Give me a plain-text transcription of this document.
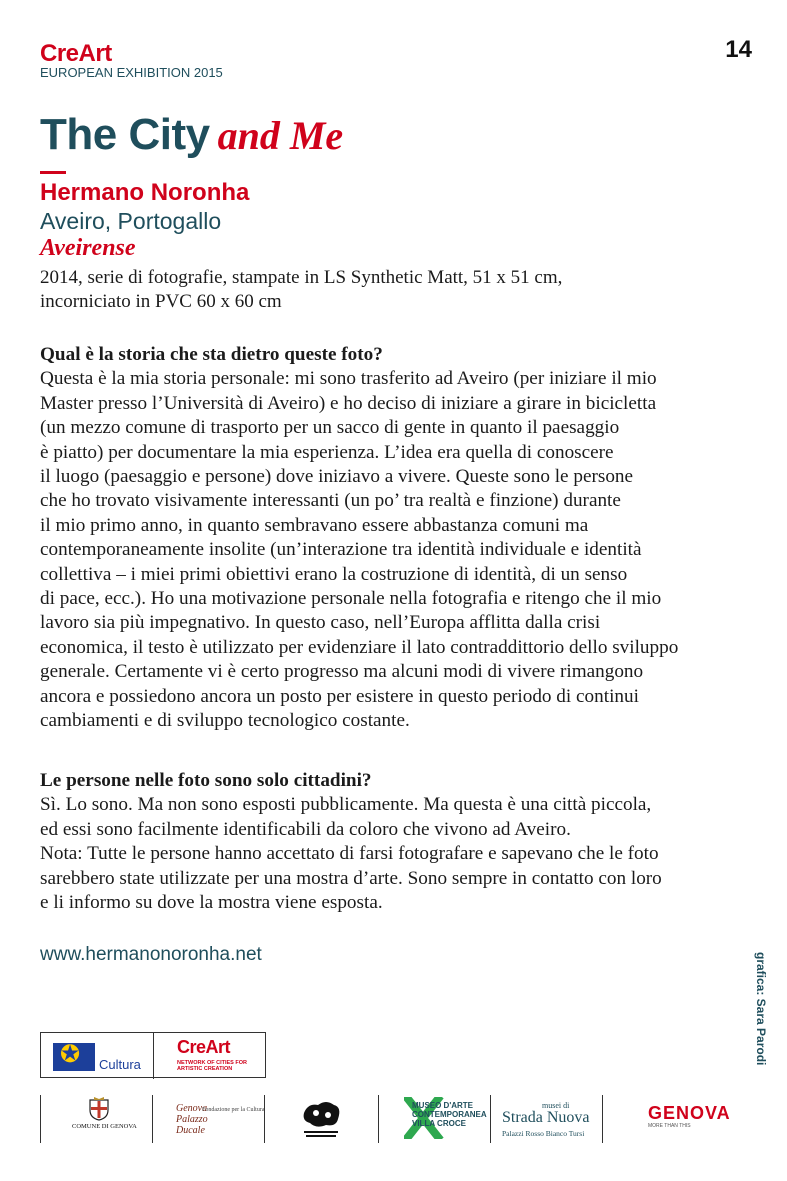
CreArt
EUROPEAN EXHIBITION 2015
14
The City and Me
Hermano Noronha
Aveiro, Portogallo
Aveirense
2014, serie di fotografie, stampate in LS Synthetic Matt, 51 x 51 cm,
incorniciato in PVC 60 x 60 cm
Qual è la storia che sta dietro queste foto?
Questa è la mia storia personale: mi sono trasferito ad Aveiro (per iniziare il mio
Master presso l’Università di Aveiro) e ho deciso di iniziare a girare in bicicletta
(un mezzo comune di trasporto per un sacco di gente in quanto il paesaggio
è piatto) per documentare la mia esperienza. L’idea era quella di conoscere
il luogo (paesaggio e persone) dove iniziavo a vivere. Queste sono le persone
che ho trovato visivamente interessanti (un po’ tra realtà e finzione) durante
il mio primo anno, in quanto sembravano essere abbastanza comuni ma
contemporaneamente insolite (un’interazione tra identità individuale e identità
collettiva – i miei primi obiettivi erano la costruzione di identità, di un senso
di pace, ecc.). Ho una motivazione personale nella fotografia e ritengo che il mio
lavoro sia più impegnativo. In questo caso, nell’Europa afflitta dalla crisi
economica, il testo è utilizzato per evidenziare il lato contraddittorio dello sviluppo
generale. Certamente vi è certo progresso ma alcuni modi di vivere rimangono
ancora e possiedono ancora un posto per esistere in questo periodo di continui
cambiamenti e di sviluppo tecnologico costante.
Le persone nelle foto sono solo cittadini?
Sì. Lo sono. Ma non sono esposti pubblicamente. Ma questa è una città piccola,
ed essi sono facilmente identificabili da coloro che vivono ad Aveiro.
Nota: Tutte le persone hanno accettato di farsi fotografare e sapevano che le foto
sarebbero state utilizzate per una mostra d’arte. Sono sempre in contatto con loro
e li informo su dove la mostra viene esposta.
www.hermanonoronha.net	grafica: Sara Parodi
✪ Cultura
CreArt
NETWORK OF CITIES FOR ARTISTIC CREATION
COMUNE DI GENOVA
Genova Palazzo Ducale
Fondazione per la Cultura	MUSEO D'ARTE CONTEMPORANEA VILLA CROCE
musei di
Strada Nuova
Palazzi Rosso Bianco Tursi
GENOVA
MORE THAN THIS
